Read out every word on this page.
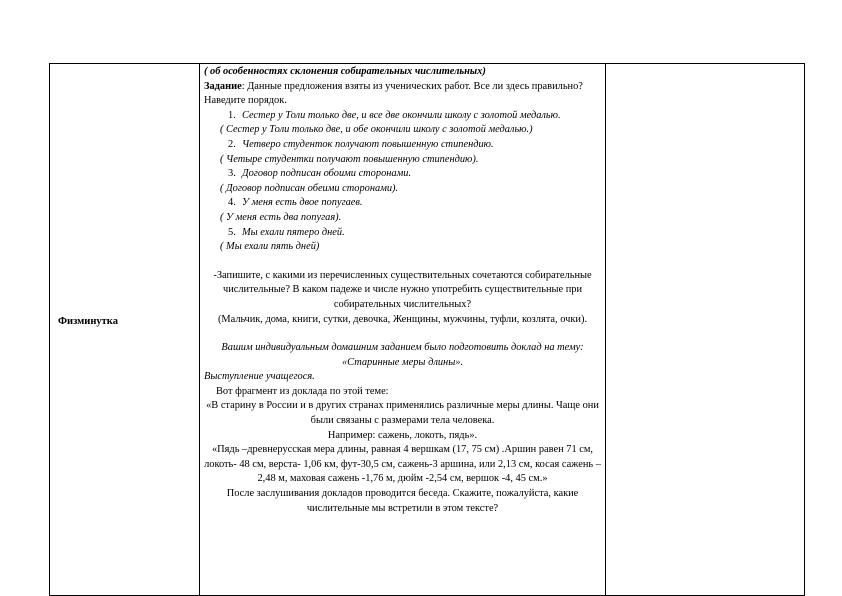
Физминутка

( об особенностях склонения собирательных числительных)

Задание: Данные предложения взяты из ученических работ. Все ли здесь правильно? Наведите порядок.

1. Сестер у Толи только две, и все две окончили школу с золотой медалью.

( Сестер у Толи только две, и обе окончили школу с золотой медалью.)

2. Четверо студенток получают повышенную стипендию.

( Четыре студентки получают повышенную стипендию).

3. Договор подписан обоими сторонами.

( Договор подписан обеими сторонами).

4. У меня есть двое попугаев.

( У меня есть два попугая).

5. Мы ехали пятеро дней.

( Мы ехали пять дней)

-Запишите, с какими из перечисленных существительных сочетаются собирательные числительные? В каком падеже и числе нужно употребить существительные при собирательных числительных?

(Мальчик, дома, книги, сутки, девочка, Женщины, мужчины, туфли, козлята, очки).

Вашим индивидуальным домашним заданием было подготовить доклад на тему: «Старинные меры длины».

Выступление учащегося.

Вот фрагмент из доклада по этой теме:

«В старину в России и в других странах применялись различные меры длины. Чаще они были связаны с размерами тела человека.

Например: сажень, локоть, пядь».

«Пядь –древнерусская мера длины, равная 4 вершкам (17, 75 см) .Аршин равен 71 см, локоть- 48 см, верста- 1,06 км, фут-30,5 см, сажень-3 аршина, или 2,13 см, косая сажень – 2,48 м, маховая сажень -1,76 м, дюйм -2,54 см, вершок -4, 45 см.»

После заслушивания докладов проводится беседа. Скажите, пожалуйста, какие числительные мы встретили в этом тексте?
